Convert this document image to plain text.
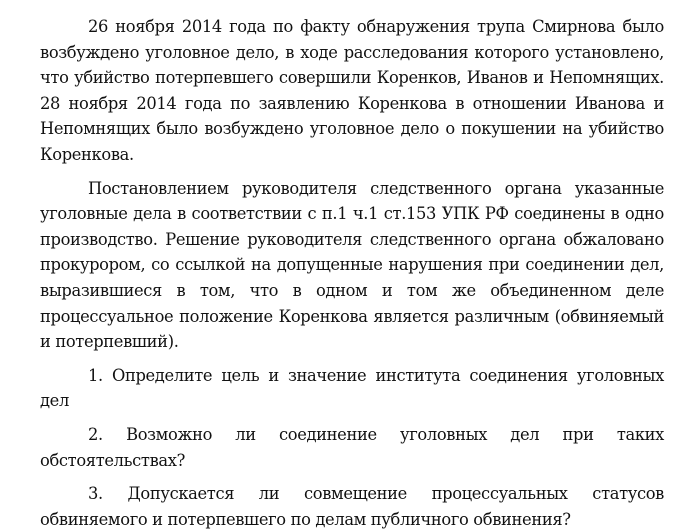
26 ноября 2014 года по факту обнаружения трупа Смирнова было возбуждено уголовное дело, в ходе расследования которого установлено, что убийство потерпевшего совершили Коренков, Иванов и Непомнящих. 28 ноября 2014 года по заявлению Коренкова в отношении Иванова и Непомнящих было возбуждено уголовное дело о покушении на убийство Коренкова.

Постановлением руководителя следственного органа указанные уголовные дела в соответствии с п.1 ч.1 ст.153 УПК РФ соединены в одно производство. Решение руководителя следственного органа обжаловано прокурором, со ссылкой на допущенные нарушения при соединении дел, выразившиеся в том, что в одном и том же объединенном деле процессуальное положение Коренкова является различным (обвиняемый и потерпевший).

1. Определите цель и значение института соединения уголовных дел

2. Возможно ли соединение уголовных дел при таких обстоятельствах?

3. Допускается ли совмещение процессуальных статусов обвиняемого и потерпевшего по делам публичного обвинения?
